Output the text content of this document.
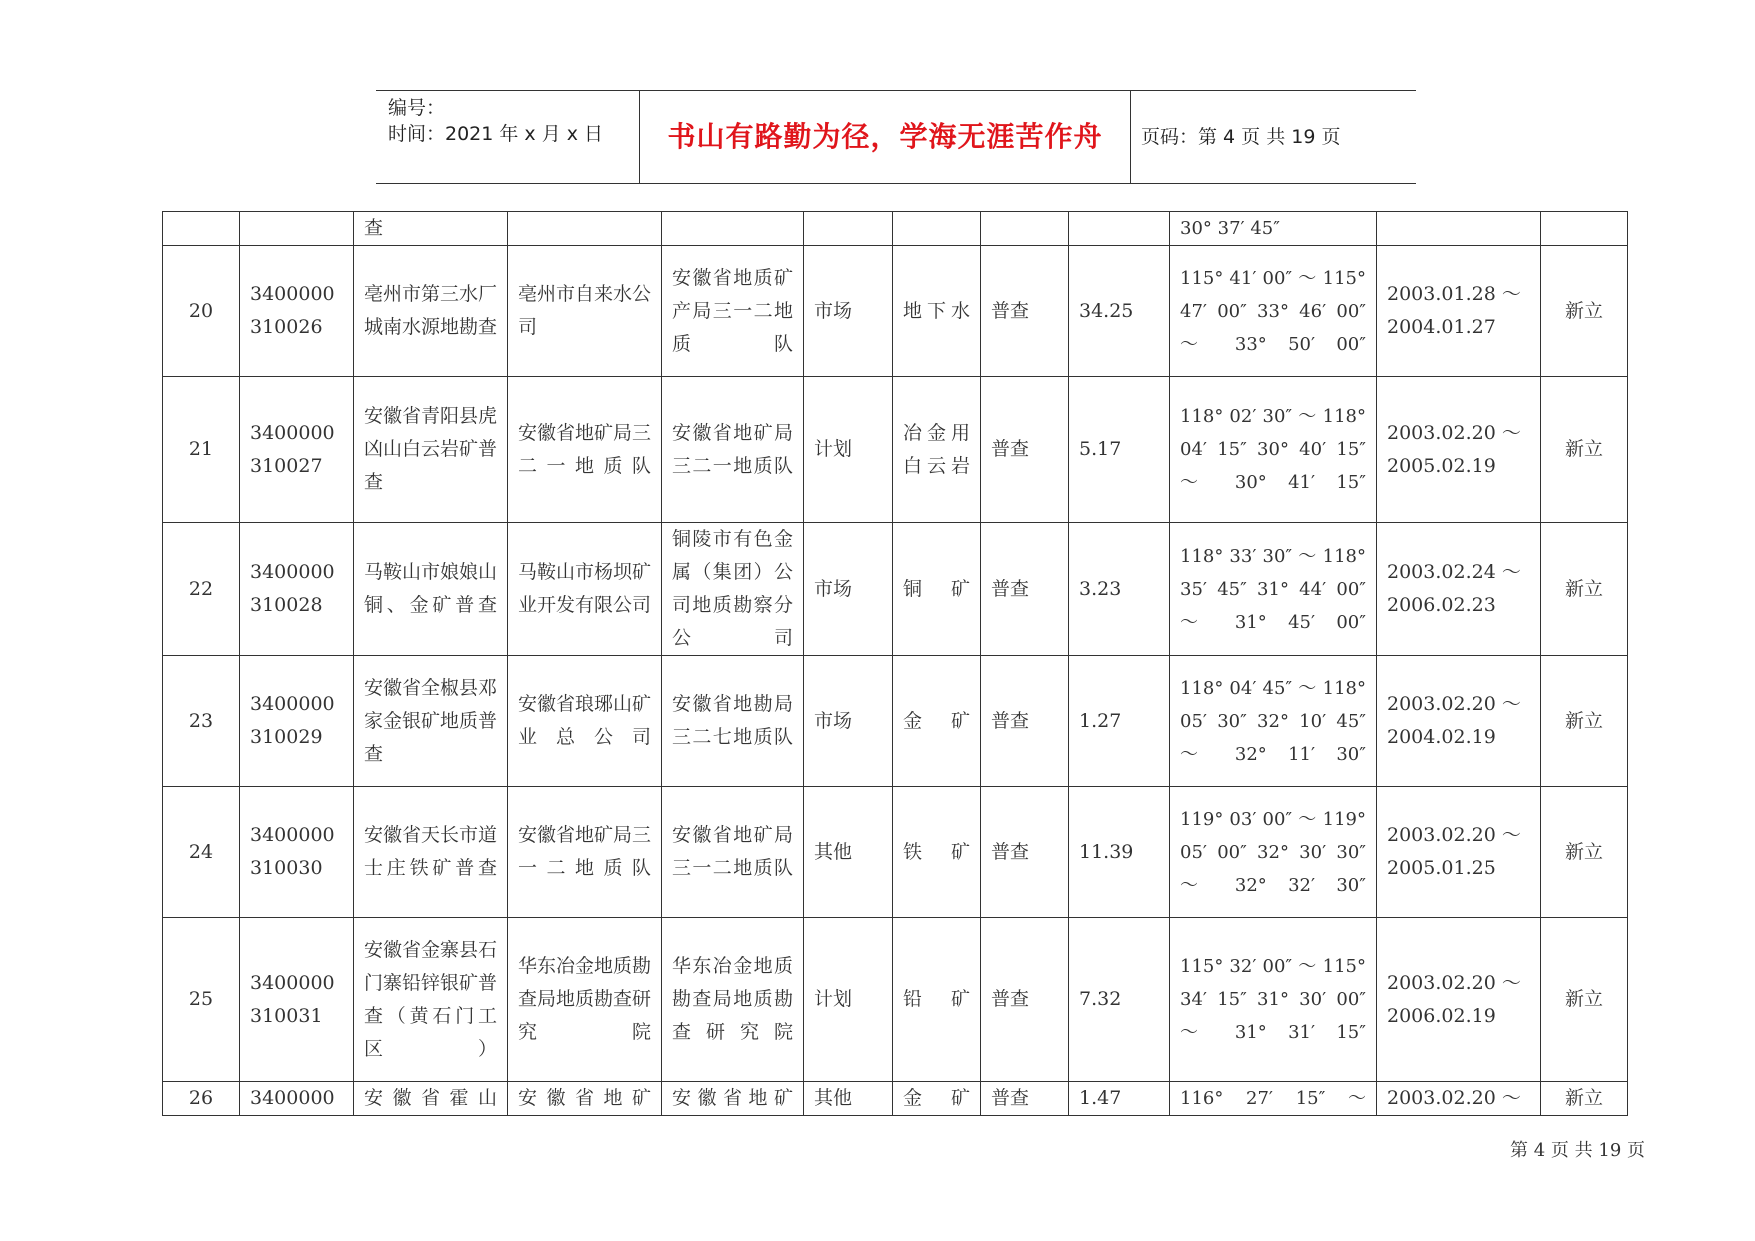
编号：
时间：2021 年 x 月 x 日	书山有路勤为径，学海无涯苦作舟	页码：第 4 页 共 19 页
		查							30° 37′ 45″		
20	3400000 310026	亳州市第三水厂城南水源地勘查	亳州市自来水公司	安徽省地质矿产局三一二地质队	市场	地下水	普查	34.25	115° 41′ 00″ ～ 115° 47′ 00″ 33° 46′ 00″ ～ 33° 50′ 00″	2003.01.28 ～ 2004.01.27	新立
21	3400000 310027	安徽省青阳县虎凶山白云岩矿普查	安徽省地矿局三二一地质队	安徽省地矿局三二一地质队	计划	冶金用白云岩	普查	5.17	118° 02′ 30″ ～ 118° 04′ 15″ 30° 40′ 15″ ～ 30° 41′ 15″	2003.02.20 ～ 2005.02.19	新立
22	3400000 310028	马鞍山市娘娘山铜、金矿普查	马鞍山市杨坝矿业开发有限公司	铜陵市有色金属（集团）公司地质勘察分公司	市场	铜矿	普查	3.23	118° 33′ 30″ ～ 118° 35′ 45″ 31° 44′ 00″ ～ 31° 45′ 00″	2003.02.24 ～ 2006.02.23	新立
23	3400000 310029	安徽省全椒县邓家金银矿地质普查	安徽省琅琊山矿业总公司	安徽省地勘局三二七地质队	市场	金矿	普查	1.27	118° 04′ 45″ ～ 118° 05′ 30″ 32° 10′ 45″ ～ 32° 11′ 30″	2003.02.20 ～ 2004.02.19	新立
24	3400000 310030	安徽省天长市道士庄铁矿普查	安徽省地矿局三一二地质队	安徽省地矿局三一二地质队	其他	铁矿	普查	11.39	119° 03′ 00″ ～ 119° 05′ 00″ 32° 30′ 30″ ～ 32° 32′ 30″	2003.02.20 ～ 2005.01.25	新立
25	3400000 310031	安徽省金寨县石门寨铅锌银矿普查（黄石门工区）	华东冶金地质勘查局地质勘查研究院	华东冶金地质勘查局地质勘查研究院	计划	铅矿	普查	7.32	115° 32′ 00″ ～ 115° 34′ 15″ 31° 30′ 00″ ～ 31° 31′ 15″	2003.02.20 ～ 2006.02.19	新立
26	3400000	安徽省霍山	安徽省地矿	安徽省地矿	其他	金矿	普查	1.47	116° 27′ 15″ ～	2003.02.20 ～	新立
第 4 页 共 19 页
